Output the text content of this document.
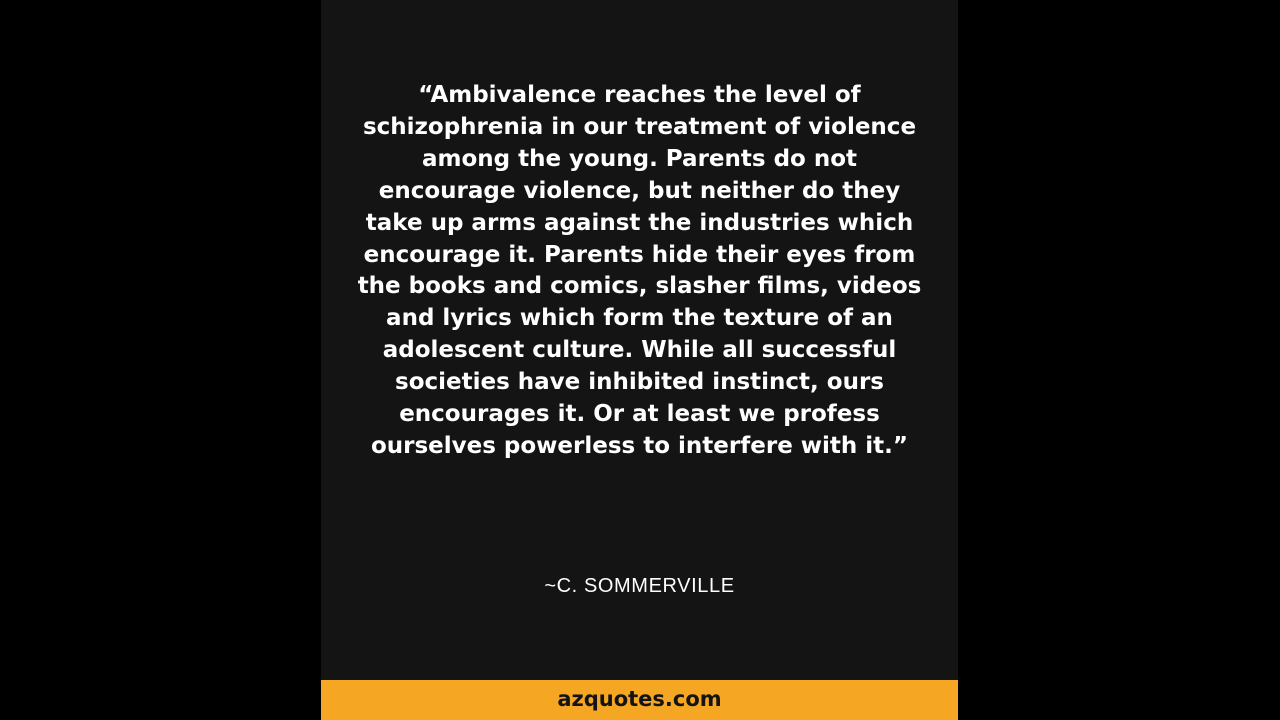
“Ambivalence reaches the level of schizophrenia in our treatment of violence among the young. Parents do not encourage violence, but neither do they take up arms against the industries which encourage it. Parents hide their eyes from the books and comics, slasher films, videos and lyrics which form the texture of an adolescent culture. While all successful societies have inhibited instinct, ours encourages it. Or at least we profess ourselves powerless to interfere with it.”

~C. SOMMERVILLE
azquotes.com
